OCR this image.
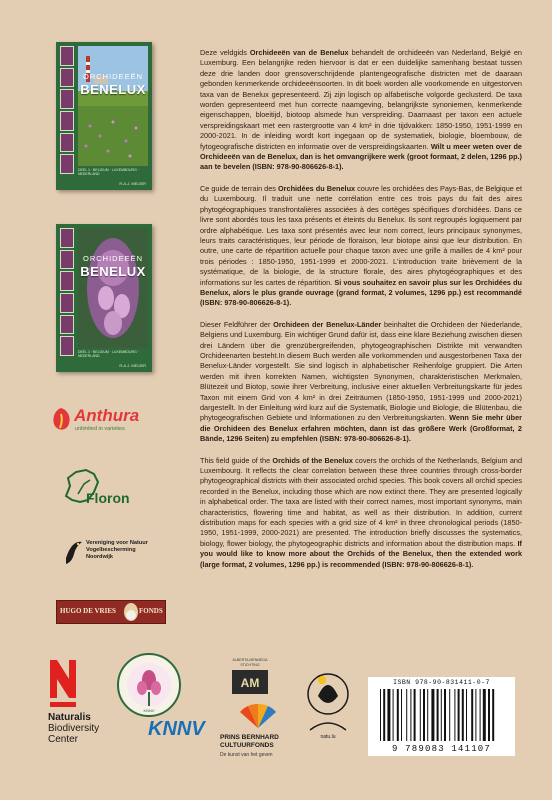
ORCHIDEEËN
BENELUX
DEEL 1 · BELGIUM · LUXEMBOURG · NEDERLAND
R.A.J. MEIJER
ORCHIDEEËN
BENELUX
DEEL 1 · BELGIUM · LUXEMBOURG · NEDERLAND
R.A.J. MEIJER
Anthura
unlimited in varieties
Floron
Vereniging voor Natuur
Vogelbescherming
Noordwijk
HUGO DE VRIES	FONDS

Deze veldgids Orchideeën van de Benelux behandelt de orchideeën van Nederland, België en Luxemburg. Een belangrijke reden hiervoor is dat er een duidelijke samenhang bestaat tussen deze drie landen door grensoverschrijdende plantengeografische districten met de daaraan gebonden kenmerkende orchideeënsoorten. In dit boek worden alle voorkomende en uitgestorven taxa van de Benelux gepresenteerd. Zij zijn logisch op alfabetische volgorde geclusterd. De taxa worden gepresenteerd met hun correcte naamgeving, belangrijkste synoniemen, kenmerkende eigenschappen, bloeitijd, biotoop alsmede hun verspreiding. Daarnaast per taxon een actuele verspreidingskaart met een rastergrootte van 4 km² in drie tijdvakken: 1850-1950, 1951-1999 en 2000-2021. In de inleiding wordt kort ingegaan op de systematiek, biologie, bloembouw, de fytogeografische districten en informatie over de verspreidingskaarten. Wilt u meer weten over de Orchideeën van de Benelux, dan is het omvangrijkere werk (groot formaat, 2 delen, 1296 pp.) aan te bevelen (ISBN: 978-90-806626-8-1).

Ce guide de terrain des Orchidées du Benelux couvre les orchidées des Pays-Bas, de Belgique et du Luxembourg. Il traduit une nette corrélation entre ces trois pays du fait des aires phytogéographiques transfrontalières associées à des cortèges spécifiques d'orchidées. Dans ce livre sont abordés tous les taxa présents et éteints du Benelux. Ils sont regroupés logiquement par ordre alphabétique. Les taxa sont présentés avec leur nom correct, leurs principaux synonymes, leurs traits caractéristiques, leur période de floraison, leur biotope ainsi que leur distribution. En outre, une carte de répartition actuelle pour chaque taxon avec une grille à mailles de 4 km² pour trois périodes : 1850-1950, 1951-1999 et 2000-2021. L'introduction traite brièvement de la systématique, de la biologie, de la structure florale, des aires phytogéographiques et des informations sur les cartes de répartition. Si vous souhaitez en savoir plus sur les Orchidées du Benelux, alors le plus grande ouvrage (grand format, 2 volumes, 1296 pp.) est recommandé (ISBN: 978-90-806626-8-1).

Dieser Feldführer der Orchideen der Benelux-Länder beinhaltet die Orchideen der Niederlande, Belgiens und Luxemburg. Ein wichtiger Grund dafür ist, dass eine klare Beziehung zwischen diesen drei Ländern über die grenzübergreifenden, phytogeographischen Distrikte mit verwandten Orchideenarten besteht.In diesem Buch werden alle vorkommenden und ausgestorbenen Taxa der Benelux-Länder vorgestellt. Sie sind logisch in alphabetischer Reihenfolge gruppiert. Die Arten werden mit ihren korrekten Namen, wichtigsten Synonymen, charakteristischen Merkmalen, Blütezeit und Biotop, sowie ihrer Verbreitung, inclusive einer aktuellen Verbreitungskarte für jedes Taxon mit einem Grid von 4 km² in drei Zeiträumen (1850-1950, 1951-1999 und 2000-2021) dargestellt. In der Einleitung wird kurz auf die Systematik, Biologie und Biologie, die Blütenbau, die phytogeografischen Gebiete und Informationen zu den Verbreitungskarten. Wenn Sie mehr über die Orchideen des Benelux erfahren möchten, dann ist das größere Werk (Großformat, 2 Bände, 1296 Seiten) zu empfehlen (ISBN: 978-90-806626-8-1).

This field guide of the Orchids of the Benelux covers the orchids of the Netherlands, Belgium and Luxembourg. It reflects the clear correlation between these three countries through cross-border phytogeographical districts with their associated orchid species. This book covers all orchid species recorded in the Benelux, including those which are now extinct there. They are presented logically in alphabetical order. The taxa are listed with their correct names, most important synonyms, main characteristics, flowering time and habitat, as well as their distribution. In addition, current distribution maps for each species with a grid size of 4 km² in three chronological periods (1850-1950, 1951-1999, 2000-2021) are presented. The introduction briefly discusses the systematics, biology, flower biology, the phytogeographic districts and information about the distribution maps. If you would like to know more about the Orchids of the Benelux, then the extended work (large format, 2 volumes, 1296 pp.) is recommended (ISBN: 978-90-806626-8-1).

Naturalis
Biodiversity
Center
KNNV
KNNV
ALBERTA MENNEGA
STICHTING
AM
PRINS BERNHARD
CULTUURFONDS
De kunst van het geven
natu.lu
ISBN 978-90-831411-0-7
9 789083 141107
